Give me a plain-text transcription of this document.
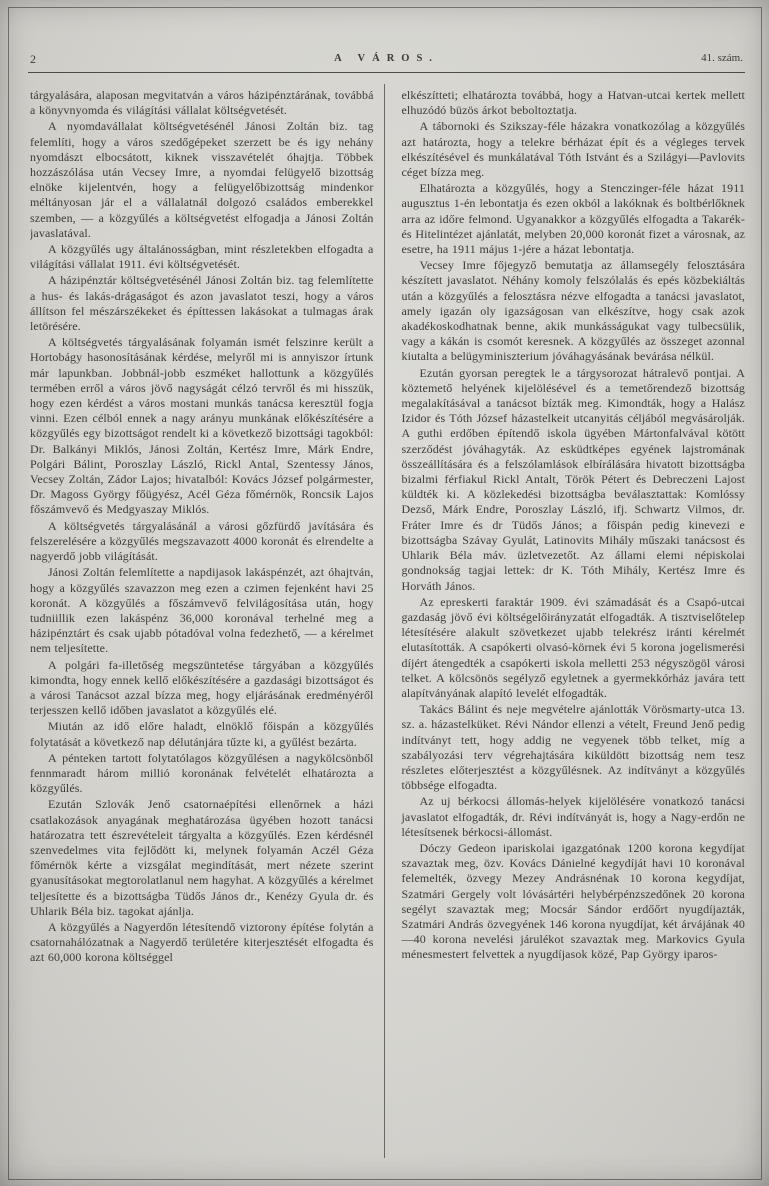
2	A VÁROS.	41. szám.

tárgyalására, alaposan megvitatván a város házipénztárának, továbbá a könyvnyomda és világítási vállalat költségvetését.

A nyomdavállalat költségvetésénél Jánosi Zoltán biz. tag felemlíti, hogy a város szedőgépeket szerzett be és igy nehány nyomdászt elbocsátott, kiknek visszavételét óhajtja. Többek hozzászólása után Vecsey Imre, a nyomdai felügyelő bizottság elnöke kijelentvén, hogy a felügyelőbizottság mindenkor méltányosan jár el a vállalatnál dolgozó családos emberekkel szemben, — a közgyűlés a költségvetést elfogadja a Jánosi Zoltán javaslatával.

A közgyűlés ugy általánosságban, mint részletekben elfogadta a világítási vállalat 1911. évi költségvetését.

A házipénztár költségvetésénél Jánosi Zoltán biz. tag felemlítette a hus- és lakás-drágaságot és azon javaslatot teszi, hogy a város állítson fel mészárszékeket és építtessen lakásokat a tulmagas árak letörésére.

A költségvetés tárgyalásának folyamán ismét felszinre került a Hortobágy hasonosításának kérdése, melyről mi is annyiszor írtunk már lapunkban. Jobbnál-jobb eszméket hallottunk a közgyűlés termében erről a város jövő nagyságát célzó tervről és mi hisszük, hogy ezen kérdést a város mostani munkás tanácsa keresztül fogja vinni. Ezen célból ennek a nagy arányu munkának előkészítésére a közgyűlés egy bizottságot rendelt ki a következő bizottsági tagokból: Dr. Balkányi Miklós, Jánosi Zoltán, Kertész Imre, Márk Endre, Polgári Bálint, Poroszlay László, Rickl Antal, Szentessy János, Vecsey Zoltán, Zádor Lajos; hivatalból: Kovács József polgármester, Dr. Magoss György főügyész, Acél Géza főmérnök, Roncsik Lajos főszámvevő és Medgyaszay Miklós.

A költségvetés tárgyalásánál a városi gőzfürdő javítására és felszerelésére a közgyűlés megszavazott 4000 koronát és elrendelte a nagyerdő jobb világítását.

Jánosi Zoltán felemlítette a napdijasok lakáspénzét, azt óhajtván, hogy a közgyűlés szavazzon meg ezen a czimen fejenként havi 25 koronát. A közgyűlés a főszámvevő felvilágosítása után, hogy tudniillik ezen lakáspénz 36,000 koronával terhelné meg a házipénztárt és csak ujabb pótadóval volna fedezhető, — a kérelmet nem teljesítette.

A polgári fa-illetőség megszüntetése tárgyában a közgyűlés kimondta, hogy ennek kellő előkészítésére a gazdasági bizottságot és a városi Tanácsot azzal bízza meg, hogy eljárásának eredményéről terjesszen kellő időben javaslatot a közgyűlés elé.

Miután az idő előre haladt, elnöklő főispán a közgyűlés folytatását a következő nap délutánjára tűzte ki, a gyűlést bezárta.

A pénteken tartott folytatólagos közgyűlésen a nagykölcsönből fennmaradt három millió koronának felvételét elhatározta a közgyűlés.

Ezután Szlovák Jenő csatornaépítési ellenőrnek a házi csatlakozások anyagának meghatározása ügyében hozott tanácsi határozatra tett észrevételeit tárgyalta a közgyűlés. Ezen kérdésnél szenvedelmes vita fejlődött ki, melynek folyamán Aczél Géza főmérnök kérte a vizsgálat megindítását, mert nézete szerint gyanusításokat megtorolatlanul nem hagyhat. A közgyűlés a kérelmet teljesítette és a bizottságba Tüdős János dr., Kenézy Gyula dr. és Uhlarik Béla biz. tagokat ajánlja.

A közgyűlés a Nagyerdőn létesítendő viztorony építése folytán a csatornahálózatnak a Nagyerdő területére kiterjesztését elfogadta és azt 60,000 korona költséggel

elkészítteti; elhatározta továbbá, hogy a Hatvan-utcai kertek mellett elhuzódó büzös árkot beboltoztatja.

A tábornoki és Szikszay-féle házakra vonatkozólag a közgyűlés azt határozta, hogy a telekre bérházat épít és a végleges tervek elkészítésével és munkálatával Tóth Istvánt és a Szilágyi—Pavlovits céget bízza meg.

Elhatározta a közgyűlés, hogy a Stenczinger-féle házat 1911 augusztus 1-én lebontatja és ezen okból a lakóknak és boltbérlőknek arra az időre felmond. Ugyanakkor a közgyűlés elfogadta a Takarék- és Hitelintézet ajánlatát, melyben 20,000 koronát fizet a városnak, az esetre, ha 1911 május 1-jére a házat lebontatja.

Vecsey Imre főjegyző bemutatja az államsegély felosztására készített javaslatot. Néhány komoly felszólalás és epés közbekiáltás után a közgyűlés a felosztásra nézve elfogadta a tanácsi javaslatot, amely igazán oly igazságosan van elkészítve, hogy csak azok akadékoskodhatnak benne, akik munkásságukat vagy tulbecsülik, vagy a kákán is csomót keresnek. A közgyűlés az összeget azonnal kiutalta a belügyminiszterium jóváhagyásának bevárása nélkül.

Ezután gyorsan peregtek le a tárgysorozat hátralevő pontjai. A köztemető helyének kijelölésével és a temetőrendező bizottság megalakításával a tanácsot bízták meg. Kimondták, hogy a Halász Izidor és Tóth József házastelkeit utcanyitás céljából megvásárolják. A guthi erdőben építendő iskola ügyében Mártonfalvával kötött szerződést jóváhagyták. Az esküdtképes egyének lajstromának összeállítására és a felszólamlások elbírálására hivatott bizottságba bizalmi férfiakul Rickl Antalt, Török Pétert és Debreczeni Lajost küldték ki. A közlekedési bizottságba beválasztattak: Komlóssy Dezső, Márk Endre, Poroszlay László, ifj. Schwartz Vilmos, dr. Fráter Imre és dr Tüdős János; a főispán pedig kinevezi e bizottságba Szávay Gyulát, Latinovits Mihály műszaki tanácsost és Uhlarik Béla máv. üzletvezetőt. Az állami elemi népiskolai gondnokság tagjai lettek: dr K. Tóth Mihály, Kertész Imre és Horváth János.

Az epreskerti faraktár 1909. évi számadását és a Csapó-utcai gazdaság jövő évi költségelőirányzatát elfogadták. A tisztviselőtelep létesítésére alakult szövetkezet ujabb telekrész iránti kérelmét elutasították. A csapókerti olvasó-körnek évi 5 korona jogelismerési díjért átengedték a csapókerti iskola melletti 253 négyszögöl városi telket. A kölcsönös segélyző egyletnek a gyermekkórház javára tett alapítványának alapító levelét elfogadták.

Takács Bálint és neje megvételre ajánlották Vörösmarty-utca 13. sz. a. házastelküket. Révi Nándor ellenzi a vételt, Freund Jenő pedig indítványt tett, hogy addig ne vegyenek több telket, míg a szabályozási terv végrehajtására kiküldött bizottság nem tesz részletes előterjesztést a közgyűlésnek. Az indítványt a közgyűlés többsége elfogadta.

Az uj bérkocsi állomás-helyek kijelölésére vonatkozó tanácsi javaslatot elfogadták, dr. Révi indítványát is, hogy a Nagy-erdőn ne létesítsenek bérkocsi-állomást.

Dóczy Gedeon ipariskolai igazgatónak 1200 korona kegydíjat szavaztak meg, özv. Kovács Dánielné kegydíját havi 10 koronával felemelték, özvegy Mezey Andrásnénak 10 korona kegydíjat, Szatmári Gergely volt lóvásártéri helybérpénzszedőnek 20 korona segélyt szavaztak meg; Mocsár Sándor erdőőrt nyugdíjazták, Szatmári András özvegyének 146 korona nyugdíjat, két árvájának 40—40 korona nevelési járulékot szavaztak meg. Markovics Gyula ménesmestert felvettek a nyugdíjasok közé, Pap György iparos-
